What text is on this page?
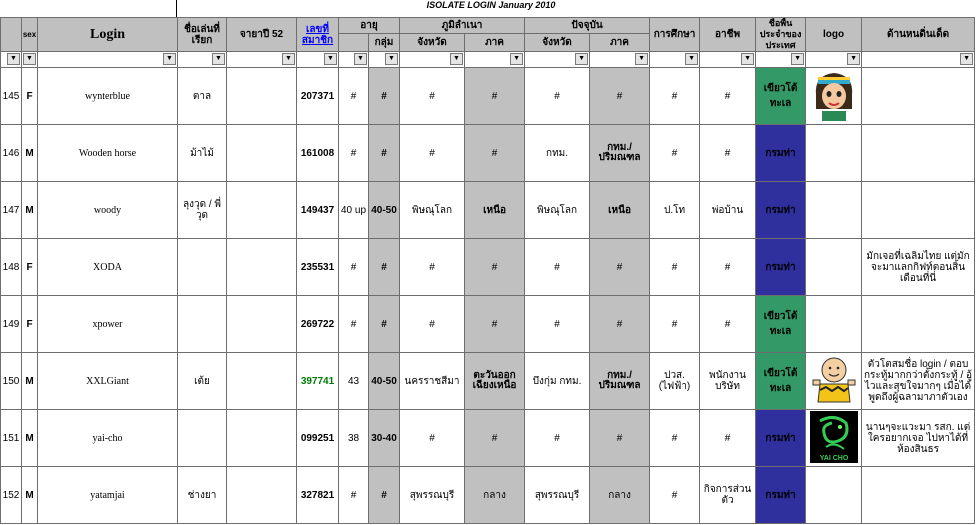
ISOLATE LOGIN January 2010
	sex	Login	ชื่อเล่นที่เรียก	จายาปี 52	เลขที่สมาชิก	อายุ		ภูมิลำเนา		ปัจจุบัน		การศึกษา	อาชีพ	ชื่อพื้นประจำของประเทศ	logo	ด้านหนดิ่นเด็ด
							กลุ่ม	จังหวัด	ภาค	จังหวัด	ภาค					

▼	▼	▼	▼	▼	▼	▼	▼	▼	▼	▼	▼	▼	▼	▼	▼	▼

145	F	wynterblue	ตาล		207371	#	#	#	#	#	#	#	#	เขียวโต้ทะเล		
146	M	Wooden horse	ม้าไม้		161008	#	#	#	#	กทม.	กทม./ ปริมณฑล	#	#	กรมท่า		
147	M	woody	ลุงวุด / พี่วุด		149437	40 up	40-50	พิษณุโลก	เหนือ	พิษณุโลก	เหนือ	ป.โท	พ่อบ้าน	กรมท่า		
148	F	XODA			235531	#	#	#	#	#	#	#	#	กรมท่า		มักเจอที่เฉลิมไทย แต่มักจะมาแลกกิฟท์ตอนสิ้นเดือนที่นี่
149	F	xpower			269722	#	#	#	#	#	#	#	#	เขียวโต้ทะเล		
150	M	XXLGiant	เต้ย		397741	43	40-50	นครราชสีมา	ตะวันออกเฉียงเหนือ	บึงกุ่ม กทม.	กทม./ ปริมณฑล	ปวส. (ไฟฟ้า)	พนักงานบริษัท	เขียวโต้ทะเล		ตัวโตสมชื่อ login / ตอบกระทู้มากกว่าตั้งกระทู้ / อู้ไวและสุขใจมากๆ เมื่อได้พูดถึงผู้ฉลามาภาตัวเอง
151	M	yai-cho			099251	38	30-40	#	#	#	#	#	#	กรมท่า	YAI CHO	นานๆจะแวะมา รสก. แต่ใครอยากเจอ ไปหาได้ที่ห้องสินธร
152	M	yatamjai	ช่างยา		327821	#	#	สุพรรณบุรี	กลาง	สุพรรณบุรี	กลาง	#	กิจการส่วนตัว	กรมท่า		
